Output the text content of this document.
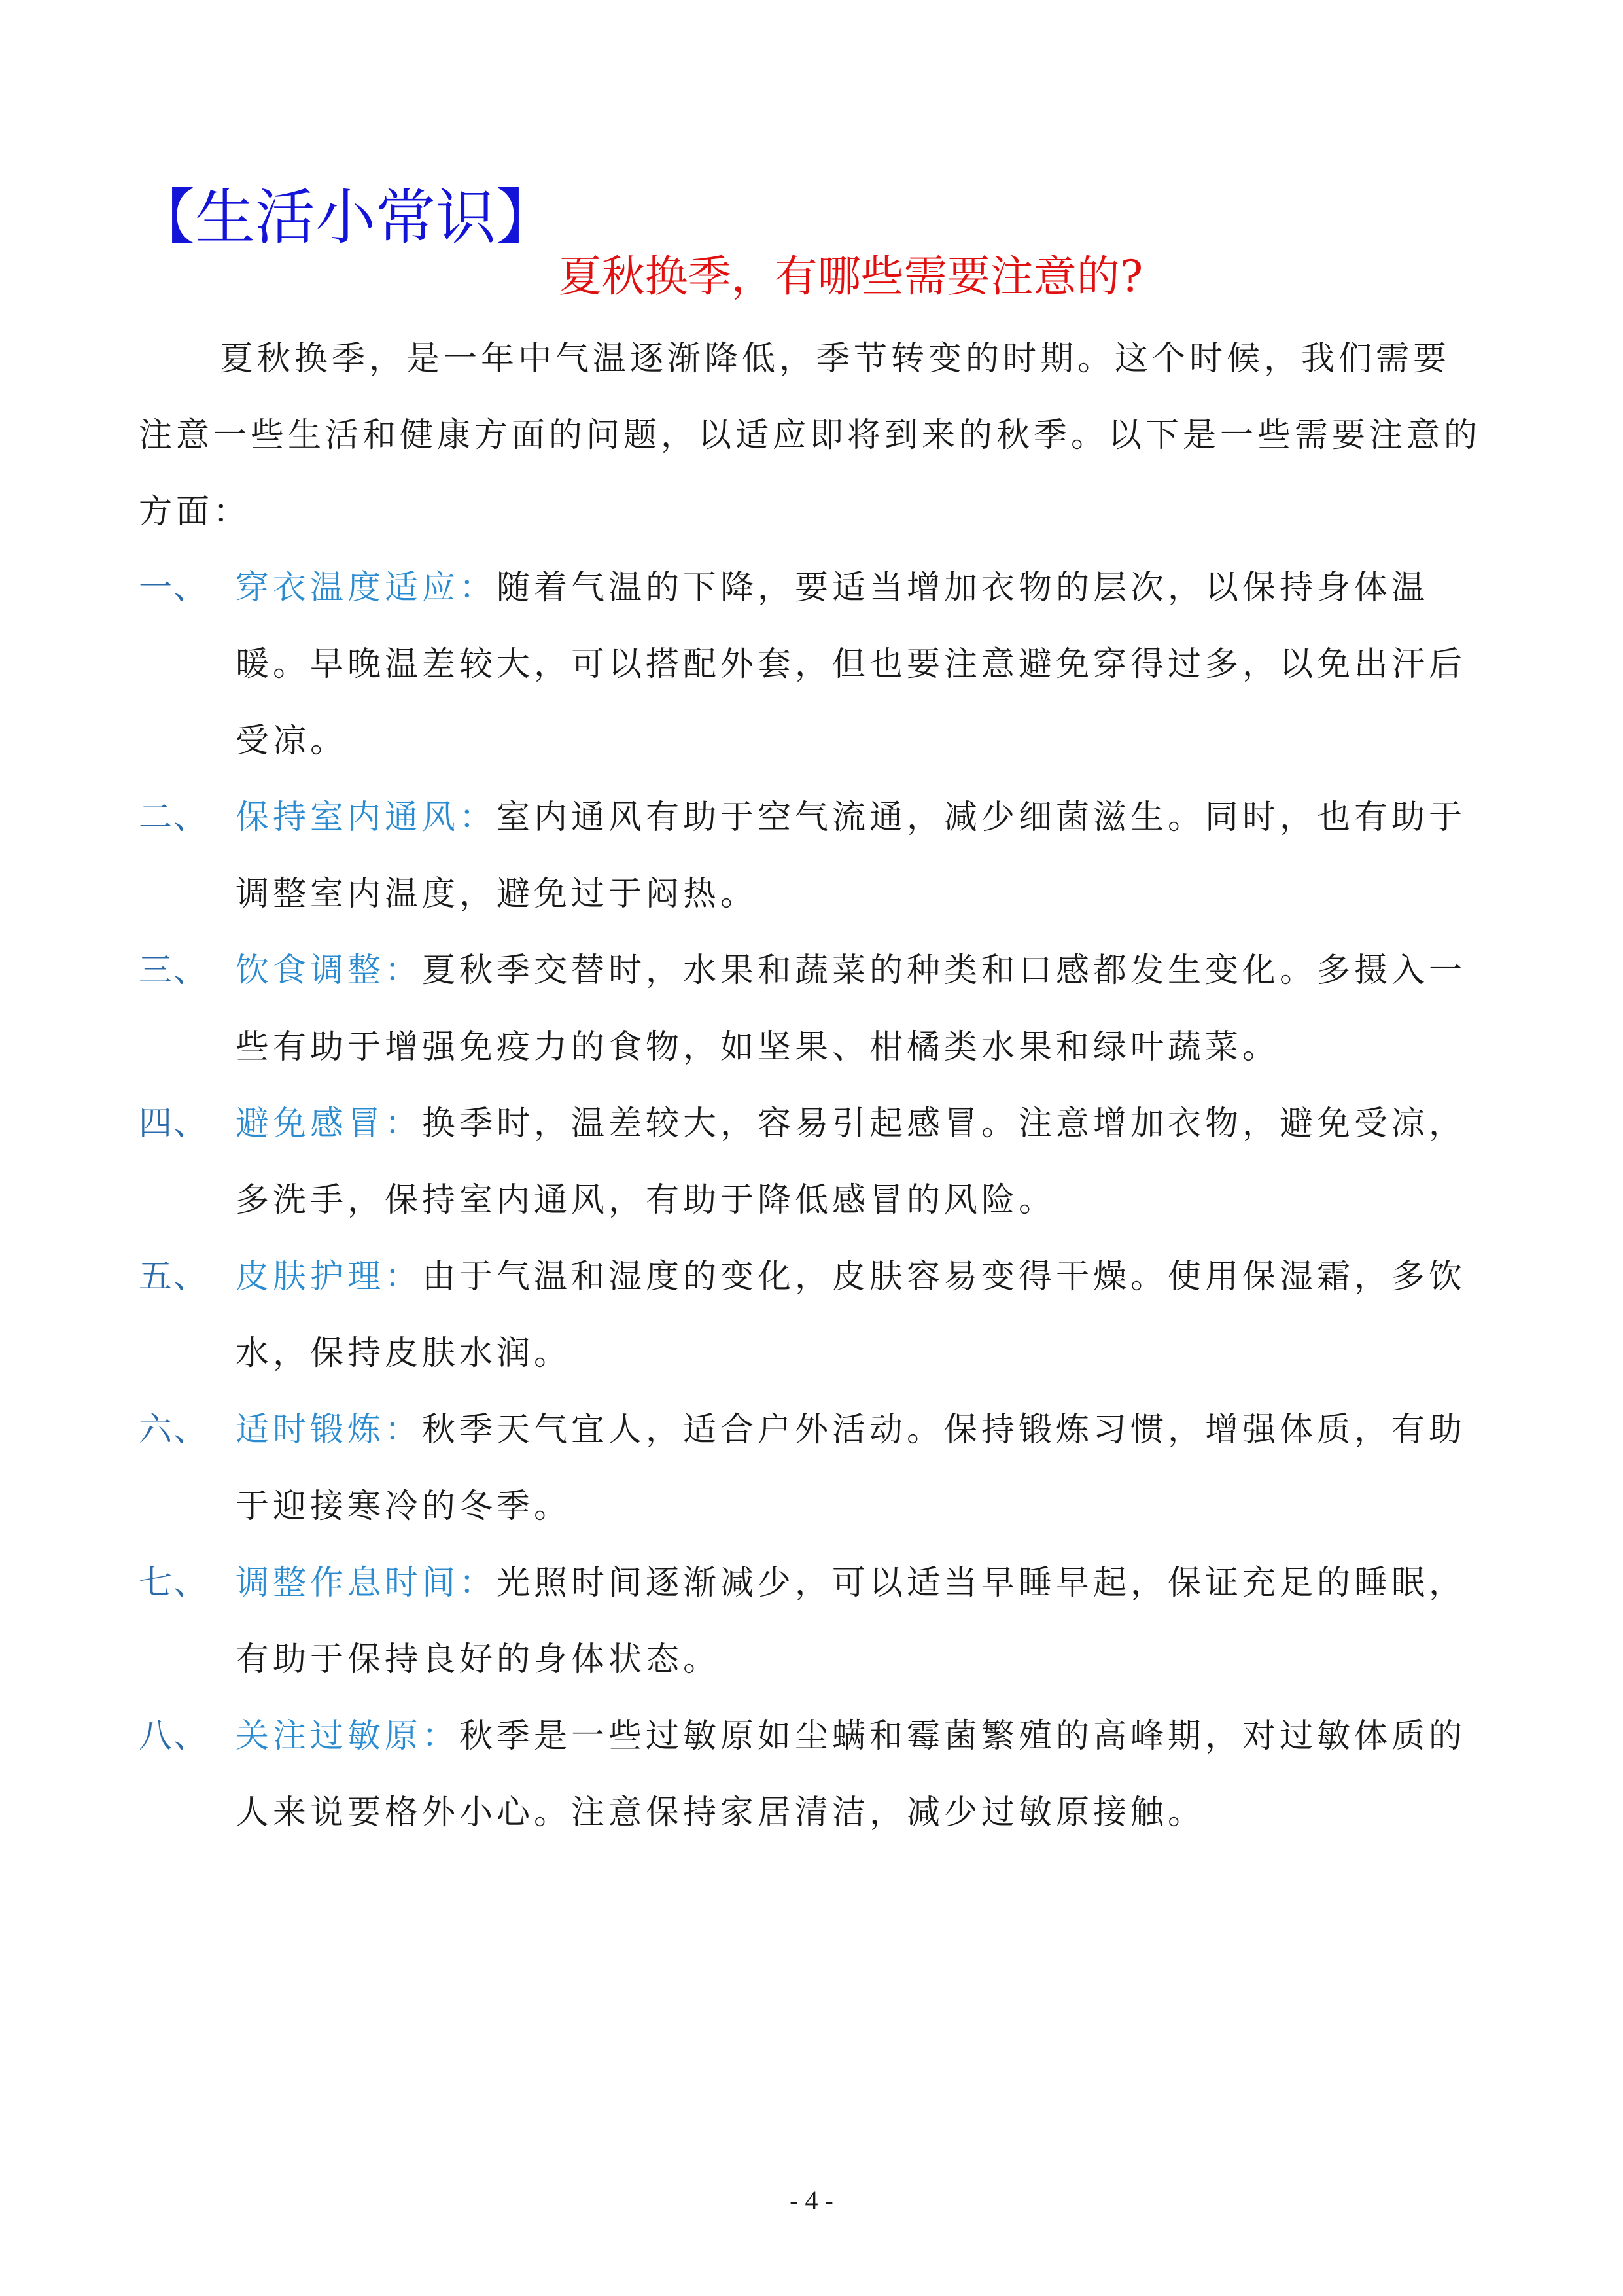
【生活小常识】
夏秋换季，有哪些需要注意的?

夏秋换季，是一年中气温逐渐降低，季节转变的时期。这个时候，我们需要注意一些生活和健康方面的问题，以适应即将到来的秋季。以下是一些需要注意的方面：

一、 穿衣温度适应：随着气温的下降，要适当增加衣物的层次，以保持身体温暖。早晚温差较大，可以搭配外套，但也要注意避免穿得过多，以免出汗后受凉。
二、 保持室内通风：室内通风有助于空气流通，减少细菌滋生。同时，也有助于调整室内温度，避免过于闷热。
三、 饮食调整：夏秋季交替时，水果和蔬菜的种类和口感都发生变化。多摄入一些有助于增强免疫力的食物，如坚果、柑橘类水果和绿叶蔬菜。
四、 避免感冒：换季时，温差较大，容易引起感冒。注意增加衣物，避免受凉，多洗手，保持室内通风，有助于降低感冒的风险。
五、 皮肤护理：由于气温和湿度的变化，皮肤容易变得干燥。使用保湿霜，多饮水，保持皮肤水润。
六、 适时锻炼：秋季天气宜人，适合户外活动。保持锻炼习惯，增强体质，有助于迎接寒冷的冬季。
七、 调整作息时间：光照时间逐渐减少，可以适当早睡早起，保证充足的睡眠，有助于保持良好的身体状态。
八、 关注过敏原：秋季是一些过敏原如尘螨和霉菌繁殖的高峰期，对过敏体质的人来说要格外小心。注意保持家居清洁，减少过敏原接触。
- 4 -
